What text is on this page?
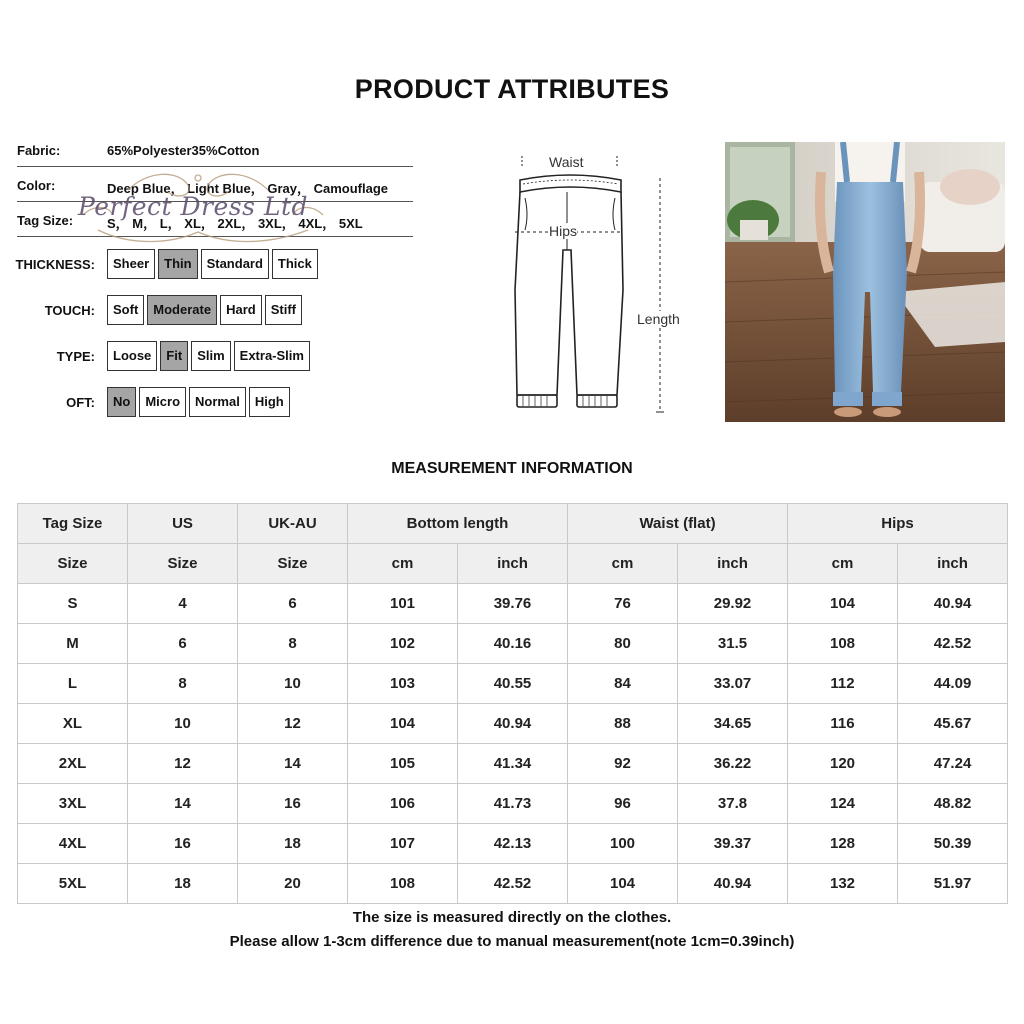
PRODUCT ATTRIBUTES
Fabric:	65%Polyester35%Cotton
Color:	Deep Blue， Light Blue， Gray， Camouflage
Tag Size:	S， M， L， XL， 2XL， 3XL， 4XL， 5XL
Perfect Dress Ltd
THICKNESS:	Sheer	Thin	Standard	Thick
TOUCH:	Soft	Moderate	Hard	Stiff
TYPE:	Loose	Fit	Slim	Extra-Slim
OFT:	No	Micro	Normal	High
Waist
Hips
Length
MEASUREMENT INFORMATION
Tag Size	US	UK-AU	Bottom length		Waist (flat)		Hips	
Size	Size	Size	cm	inch	cm	inch	cm	inch
S	4	6	101	39.76	76	29.92	104	40.94
M	6	8	102	40.16	80	31.5	108	42.52
L	8	10	103	40.55	84	33.07	112	44.09
XL	10	12	104	40.94	88	34.65	116	45.67
2XL	12	14	105	41.34	92	36.22	120	47.24
3XL	14	16	106	41.73	96	37.8	124	48.82
4XL	16	18	107	42.13	100	39.37	128	50.39
5XL	18	20	108	42.52	104	40.94	132	51.97
The size is measured directly on the clothes.
Please allow 1-3cm difference due to manual measurement(note 1cm=0.39inch)
